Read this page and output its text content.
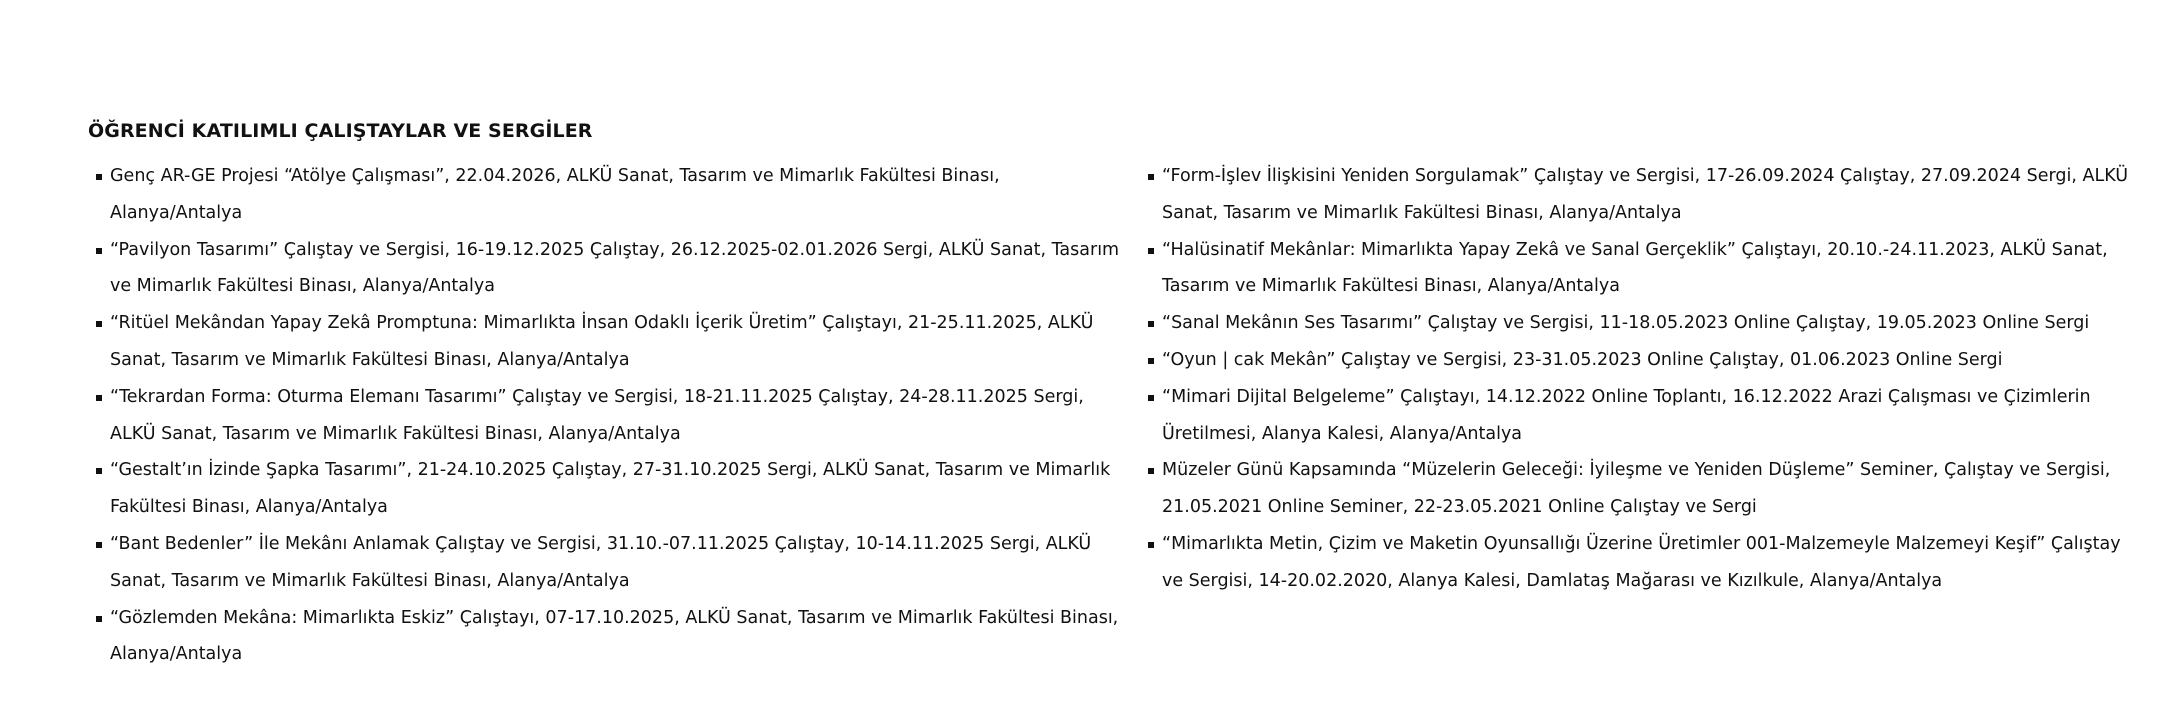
ÖĞRENCİ KATILIMLI ÇALIŞTAYLAR VE SERGİLER
Genç AR-GE Projesi “Atölye Çalışması”, 22.04.2026, ALKÜ Sanat, Tasarım ve Mimarlık Fakültesi Binası, Alanya/Antalya
“Pavilyon Tasarımı” Çalıştay ve Sergisi, 16-19.12.2025 Çalıştay, 26.12.2025-02.01.2026 Sergi, ALKÜ Sanat, Tasarım ve Mimarlık Fakültesi Binası, Alanya/Antalya
“Ritüel Mekândan Yapay Zekâ Promptuna: Mimarlıkta İnsan Odaklı İçerik Üretim” Çalıştayı, 21-25.11.2025, ALKÜ Sanat, Tasarım ve Mimarlık Fakültesi Binası, Alanya/Antalya
“Tekrardan Forma: Oturma Elemanı Tasarımı” Çalıştay ve Sergisi, 18-21.11.2025 Çalıştay, 24-28.11.2025 Sergi, ALKÜ Sanat, Tasarım ve Mimarlık Fakültesi Binası, Alanya/Antalya
“Gestalt’ın İzinde Şapka Tasarımı”, 21-24.10.2025 Çalıştay, 27-31.10.2025 Sergi, ALKÜ Sanat, Tasarım ve Mimarlık Fakültesi Binası, Alanya/Antalya
“Bant Bedenler” İle Mekânı Anlamak Çalıştay ve Sergisi, 31.10.-07.11.2025 Çalıştay, 10-14.11.2025 Sergi, ALKÜ Sanat, Tasarım ve Mimarlık Fakültesi Binası, Alanya/Antalya
“Gözlemden Mekâna: Mimarlıkta Eskiz” Çalıştayı, 07-17.10.2025, ALKÜ Sanat, Tasarım ve Mimarlık Fakültesi Binası, Alanya/Antalya
“Form-İşlev İlişkisini Yeniden Sorgulamak” Çalıştay ve Sergisi, 17-26.09.2024 Çalıştay, 27.09.2024 Sergi, ALKÜ Sanat, Tasarım ve Mimarlık Fakültesi Binası, Alanya/Antalya
“Halüsinatif Mekânlar: Mimarlıkta Yapay Zekâ ve Sanal Gerçeklik” Çalıştayı, 20.10.-24.11.2023, ALKÜ Sanat, Tasarım ve Mimarlık Fakültesi Binası, Alanya/Antalya
“Sanal Mekânın Ses Tasarımı” Çalıştay ve Sergisi, 11-18.05.2023 Online Çalıştay, 19.05.2023 Online Sergi
“Oyun | cak Mekân” Çalıştay ve Sergisi, 23-31.05.2023 Online Çalıştay, 01.06.2023 Online Sergi
“Mimari Dijital Belgeleme” Çalıştayı, 14.12.2022 Online Toplantı, 16.12.2022 Arazi Çalışması ve Çizimlerin Üretilmesi, Alanya Kalesi, Alanya/Antalya
Müzeler Günü Kapsamında “Müzelerin Geleceği: İyileşme ve Yeniden Düşleme” Seminer, Çalıştay ve Sergisi, 21.05.2021 Online Seminer, 22-23.05.2021 Online Çalıştay ve Sergi
“Mimarlıkta Metin, Çizim ve Maketin Oyunsallığı Üzerine Üretimler 001-Malzemeyle Malzemeyi Keşif” Çalıştay ve Sergisi, 14-20.02.2020, Alanya Kalesi, Damlataş Mağarası ve Kızılkule, Alanya/Antalya
